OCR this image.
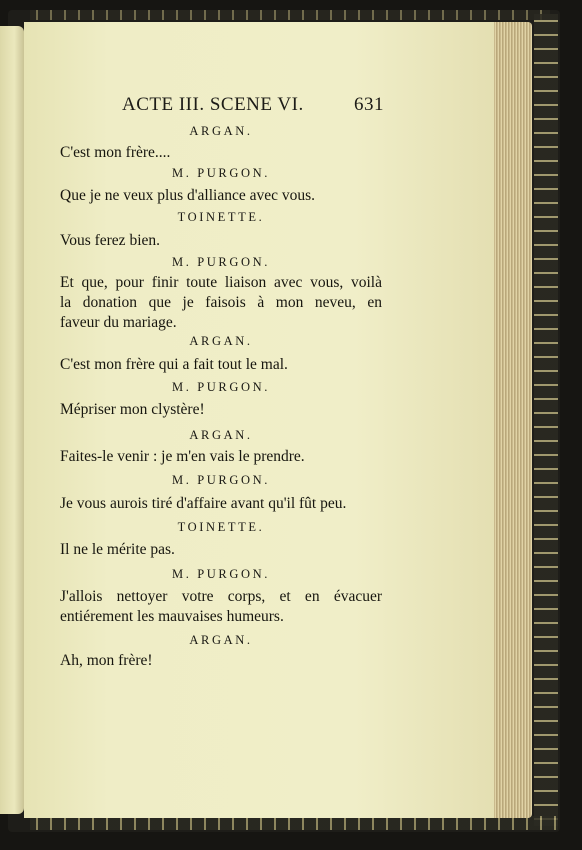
ACTE III. SCENE VI.	631
ARGAN.
C'est mon frère....
M. PURGON.
Que je ne veux plus d'alliance avec vous.
TOINETTE.
Vous ferez bien.
M. PURGON.
Et que, pour finir toute liaison avec vous, voilà
la donation que je faisois à mon neveu, en
faveur du mariage.
ARGAN.
C'est mon frère qui a fait tout le mal.
M. PURGON.
Mépriser mon clystère!
ARGAN.
Faites-le venir : je m'en vais le prendre.
M. PURGON.
Je vous aurois tiré d'affaire avant qu'il fût peu.
TOINETTE.
Il ne le mérite pas.
M. PURGON.
J'allois nettoyer votre corps, et en évacuer
entiérement les mauvaises humeurs.
ARGAN.
Ah, mon frère!
